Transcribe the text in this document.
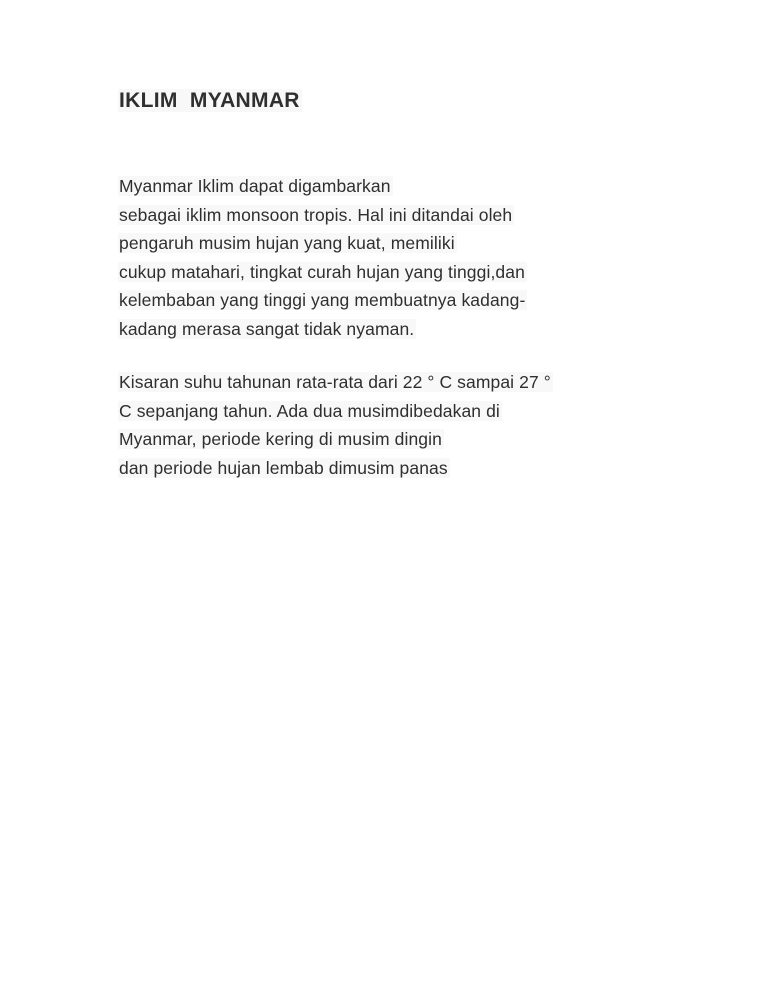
IKLIM  MYANMAR
Myanmar Iklim dapat digambarkan
sebagai iklim monsoon tropis. Hal ini ditandai oleh
pengaruh musim hujan yang kuat, memiliki
cukup matahari, tingkat curah hujan yang tinggi,dan
kelembaban yang tinggi yang membuatnya kadang-
kadang merasa sangat tidak nyaman.
Kisaran suhu tahunan rata-rata dari 22 ° C sampai 27 °
C sepanjang tahun. Ada dua musimdibedakan di
Myanmar, periode kering di musim dingin
dan periode hujan lembab dimusim panas
